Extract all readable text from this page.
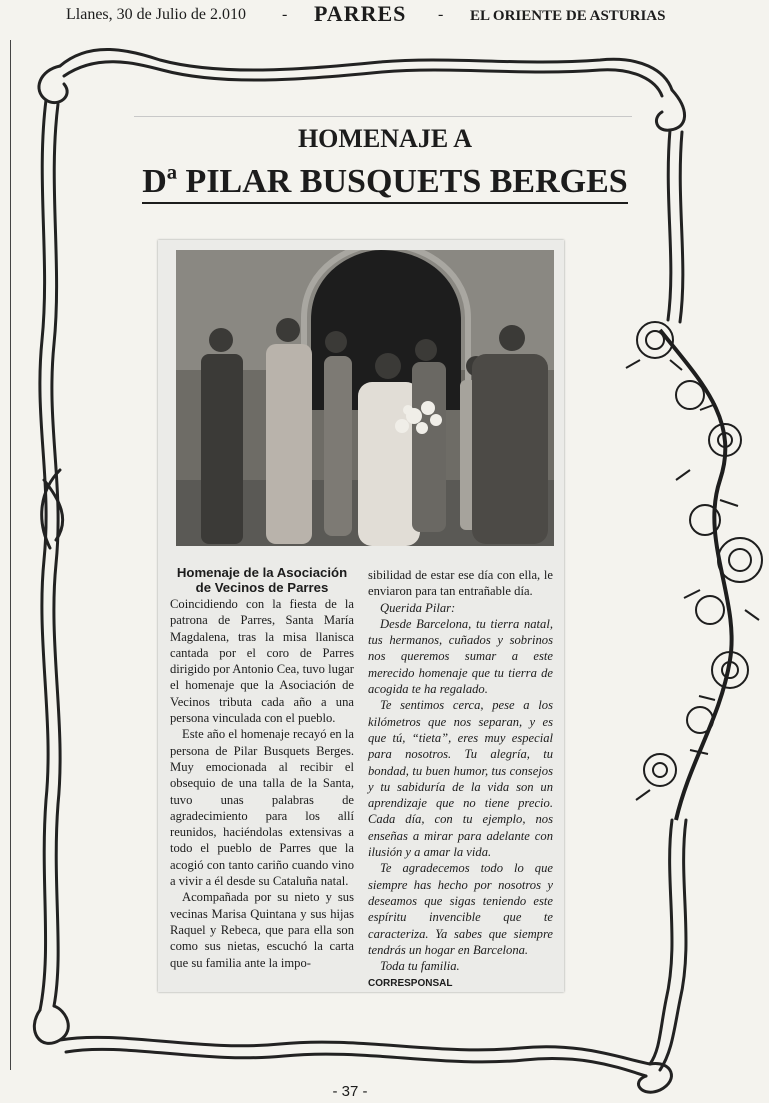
Llanes, 30 de Julio de 2.010 - PARRES - EL ORIENTE DE ASTURIAS
HOMENAJE A
Dª PILAR BUSQUETS BERGES
Homenaje de la Asociación de Vecinos de Parres

Coincidiendo con la fiesta de la patrona de Parres, Santa María Magdalena, tras la misa llanisca cantada por el coro de Parres dirigido por Antonio Cea, tuvo lugar el homenaje que la Asociación de Vecinos tributa cada año a una persona vinculada con el pueblo.

Este año el homenaje recayó en la persona de Pilar Busquets Berges. Muy emocionada al recibir el obsequio de una talla de la Santa, tuvo unas palabras de agradecimiento para los allí reunidos, haciéndolas extensivas a todo el pueblo de Parres que la acogió con tanto cariño cuando vino a vivir a él desde su Cataluña natal.

Acompañada por su nieto y sus vecinas Marisa Quintana y sus hijas Raquel y Rebeca, que para ella son como sus nietas, escuchó la carta que su familia ante la impo-

sibilidad de estar ese día con ella, le enviaron para tan entrañable día.

Querida Pilar:

Desde Barcelona, tu tierra natal, tus hermanos, cuñados y sobrinos nos queremos sumar a este merecido homenaje que tu tierra de acogida te ha regalado.

Te sentimos cerca, pese a los kilómetros que nos separan, y es que tú, “tieta”, eres muy especial para nosotros. Tu alegría, tu bondad, tu buen humor, tus consejos y tu sabiduría de la vida son un aprendizaje que no tiene precio. Cada día, con tu ejemplo, nos enseñas a mirar para adelante con ilusión y a amar la vida.

Te agradecemos todo lo que siempre has hecho por nosotros y deseamos que sigas teniendo este espíritu invencible que te caracteriza. Ya sabes que siempre tendrás un hogar en Barcelona.

Toda tu familia.

CORRESPONSAL
- 37 -
